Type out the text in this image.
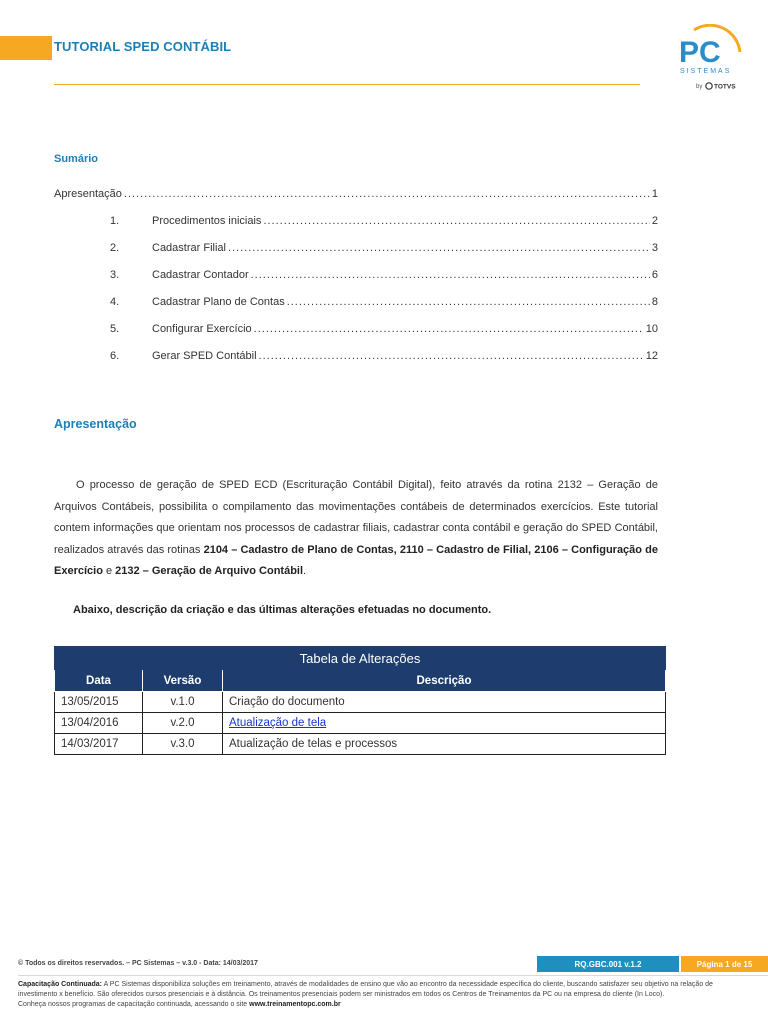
TUTORIAL SPED CONTÁBIL	PC
SISTEMAS
by TOTVS
Sumário
Apresentação .....	1
1.	Procedimentos iniciais .....	2
2.	Cadastrar Filial .....	3
3.	Cadastrar Contador .....	6
4.	Cadastrar Plano de Contas .....	8
5.	Configurar Exercício .....	10
6.	Gerar SPED Contábil .....	12
Apresentação
O processo de geração de SPED ECD (Escrituração Contábil Digital), feito através da rotina 2132 – Geração de Arquivos Contábeis, possibilita o compilamento das movimentações contábeis de determinados exercícios. Este tutorial contem informações que orientam nos processos de cadastrar filiais, cadastrar conta contábil e geração do SPED Contábil, realizados através das rotinas 2104 – Cadastro de Plano de Contas, 2110 – Cadastro de Filial, 2106 – Configuração de Exercício e 2132 – Geração de Arquivo Contábil.
Abaixo, descrição da criação e das últimas alterações efetuadas no documento.
Tabela de Alterações		
Data	Versão	Descrição
13/05/2015	v.1.0	Criação do documento
13/04/2016	v.2.0	Atualização de tela
14/03/2017	v.3.0	Atualização de telas e processos
© Todos os direitos reservados. – PC Sistemas – v.3.0 - Data: 14/03/2017	RQ.GBC.001 v.1.2	Página 1 de 15
Capacitação Continuada: A PC Sistemas disponibiliza soluções em treinamento, através de modalidades de ensino que vão ao encontro da necessidade específica do cliente, buscando satisfazer seu objetivo na relação de investimento x benefício. São oferecidos cursos presenciais e à distância. Os treinamentos presenciais podem ser ministrados em todos os Centros de Treinamentos da PC ou na empresa do cliente (In Loco).
Conheça nossos programas de capacitação continuada, acessando o site www.treinamentopc.com.br
